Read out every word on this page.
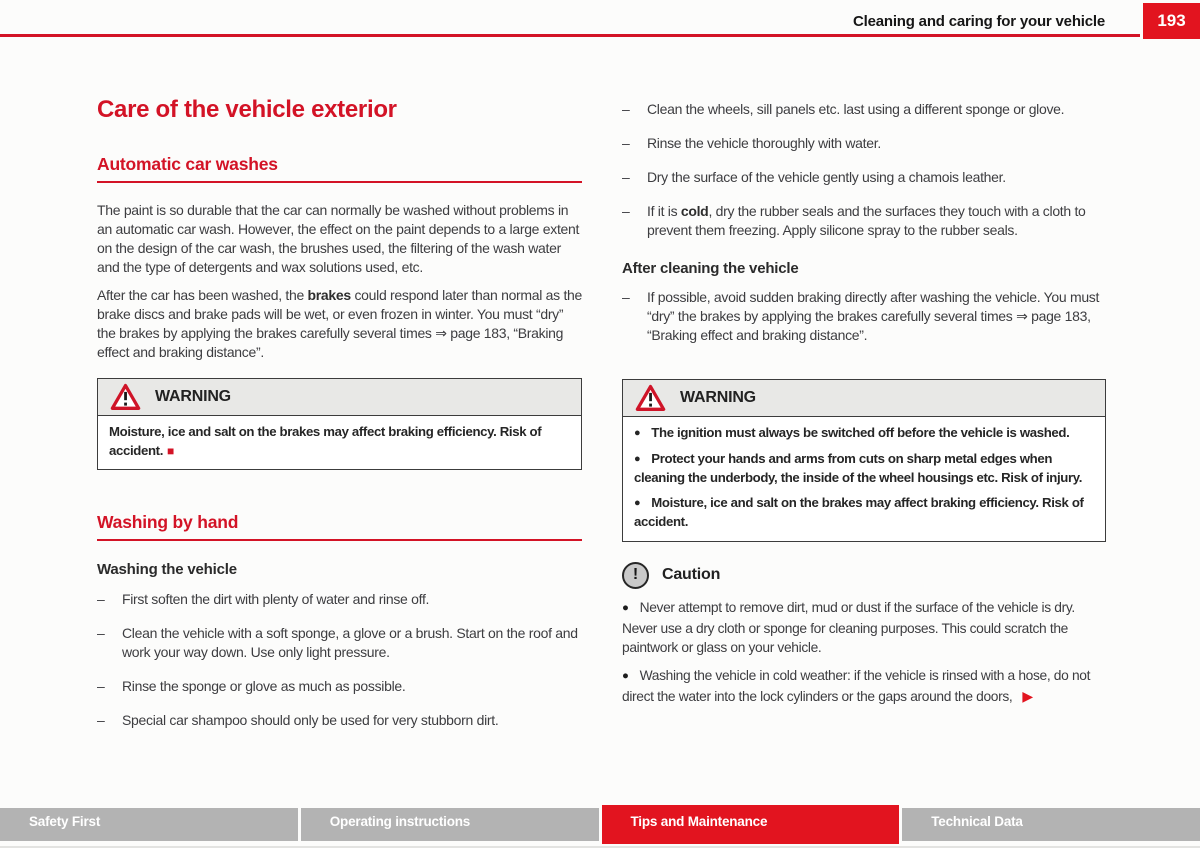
Cleaning and caring for your vehicle	193
Care of the vehicle exterior
Automatic car washes

The paint is so durable that the car can normally be washed without problems in an automatic car wash. However, the effect on the paint depends to a large extent on the design of the car wash, the brushes used, the filtering of the wash water and the type of detergents and wax solutions used, etc.

After the car has been washed, the brakes could respond later than normal as the brake discs and brake pads will be wet, or even frozen in winter. You must “dry” the brakes by applying the brakes carefully several times ⇒ page 183, “Braking effect and braking distance”.

WARNING

Moisture, ice and salt on the brakes may affect braking efficiency. Risk of accident. ■

Washing by hand
Washing the vehicle
– First soften the dirt with plenty of water and rinse off.
– Clean the vehicle with a soft sponge, a glove or a brush. Start on the roof and work your way down. Use only light pressure.
– Rinse the sponge or glove as much as possible.
– Special car shampoo should only be used for very stubborn dirt.
– Clean the wheels, sill panels etc. last using a different sponge or glove.
– Rinse the vehicle thoroughly with water.
– Dry the surface of the vehicle gently using a chamois leather.
– If it is cold, dry the rubber seals and the surfaces they touch with a cloth to prevent them freezing. Apply silicone spray to the rubber seals.
After cleaning the vehicle
– If possible, avoid sudden braking directly after washing the vehicle. You must “dry” the brakes by applying the brakes carefully several times ⇒ page 183, “Braking effect and braking distance”.
WARNING

● The ignition must always be switched off before the vehicle is washed.

● Protect your hands and arms from cuts on sharp metal edges when cleaning the underbody, the inside of the wheel housings etc. Risk of injury.

● Moisture, ice and salt on the brakes may affect braking efficiency. Risk of accident.

!	Caution

● Never attempt to remove dirt, mud or dust if the surface of the vehicle is dry. Never use a dry cloth or sponge for cleaning purposes. This could scratch the paintwork or glass on your vehicle.

● Washing the vehicle in cold weather: if the vehicle is rinsed with a hose, do not direct the water into the lock cylinders or the gaps around the doors, ▶

Safety First	Operating instructions	Tips and Maintenance	Technical Data
